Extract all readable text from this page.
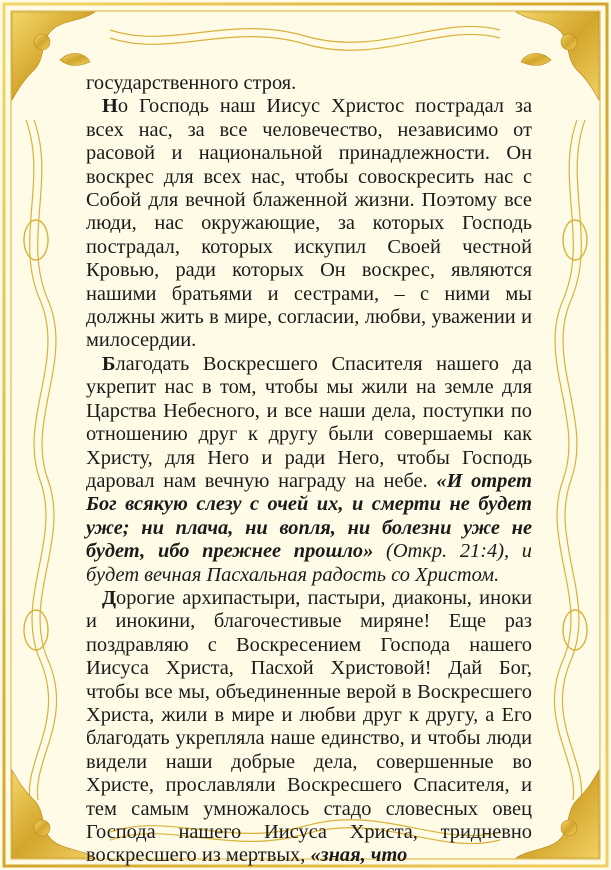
государственного строя.

Но Господь наш Иисус Христос пострадал за всех нас, за все человечество, независимо от расовой и национальной принадлежности. Он воскрес для всех нас, чтобы совоскресить нас с Собой для вечной блаженной жизни. Поэтому все люди, нас окружающие, за которых Господь пострадал, которых искупил Своей честной Кровью, ради которых Он воскрес, являются нашими братьями и сестрами, – с ними мы должны жить в мире, согласии, любви, уважении и милосердии.

Благодать Воскресшего Спасителя нашего да укрепит нас в том, чтобы мы жили на земле для Царства Небесного, и все наши дела, поступки по отношению друг к другу были совершаемы как Христу, для Него и ради Него, чтобы Господь даровал нам вечную награду на небе. «И отрет Бог всякую слезу с очей их, и смерти не будет уже; ни плача, ни вопля, ни болезни уже не будет, ибо прежнее прошло» (Откр. 21:4), и будет вечная Пасхальная радость со Христом.

Дорогие архипастыри, пастыри, диаконы, иноки и инокини, благочестивые миряне! Еще раз поздравляю с Воскресением Господа нашего Иисуса Христа, Пасхой Христовой! Дай Бог, чтобы все мы, объединенные верой в Воскресшего Христа, жили в мире и любви друг к другу, а Его благодать укрепляла наше единство, и чтобы люди видели наши добрые дела, совершенные во Христе, прославляли Воскресшего Спасителя, и тем самым умножалось стадо словесных овец Господа нашего Иисуса Христа, тридневно воскресшего из мертвых, «зная, что
